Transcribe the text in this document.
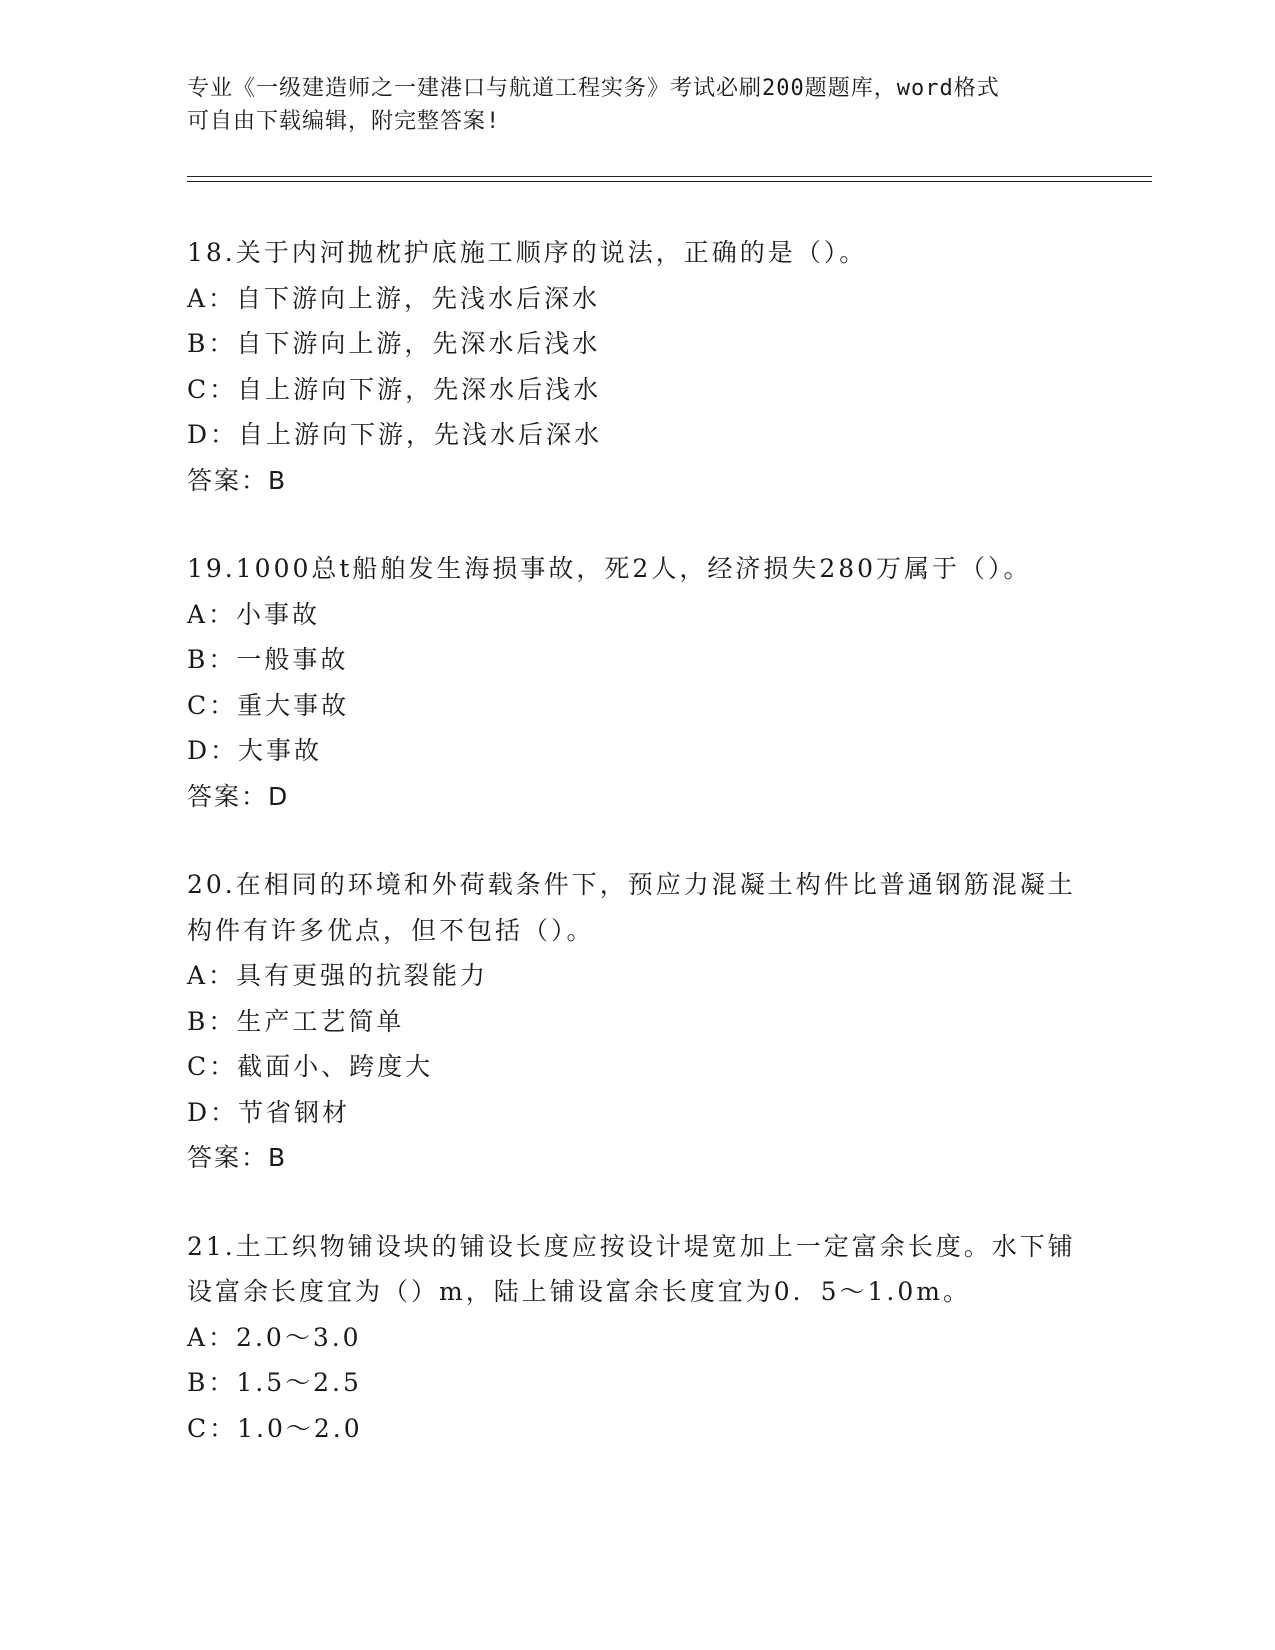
专业《一级建造师之一建港口与航道工程实务》考试必刷200题题库，word格式
可自由下载编辑，附完整答案!
18.关于内河抛枕护底施工顺序的说法，正确的是（）。
A：自下游向上游，先浅水后深水
B：自下游向上游，先深水后浅水
C：自上游向下游，先深水后浅水
D：自上游向下游，先浅水后深水
答案：B
19.1000总t船舶发生海损事故，死2人，经济损失280万属于（）。
A：小事故
B：一般事故
C：重大事故
D：大事故
答案：D
20.在相同的环境和外荷载条件下，预应力混凝土构件比普通钢筋混凝土构件有许多优点，但不包括（）。
A：具有更强的抗裂能力
B：生产工艺简单
C：截面小、跨度大
D：节省钢材
答案：B
21.土工织物铺设块的铺设长度应按设计堤宽加上一定富余长度。水下铺设富余长度宜为（）m，陆上铺设富余长度宜为0．5～1.0m。
A：2.0～3.0
B：1.5～2.5
C：1.0～2.0
